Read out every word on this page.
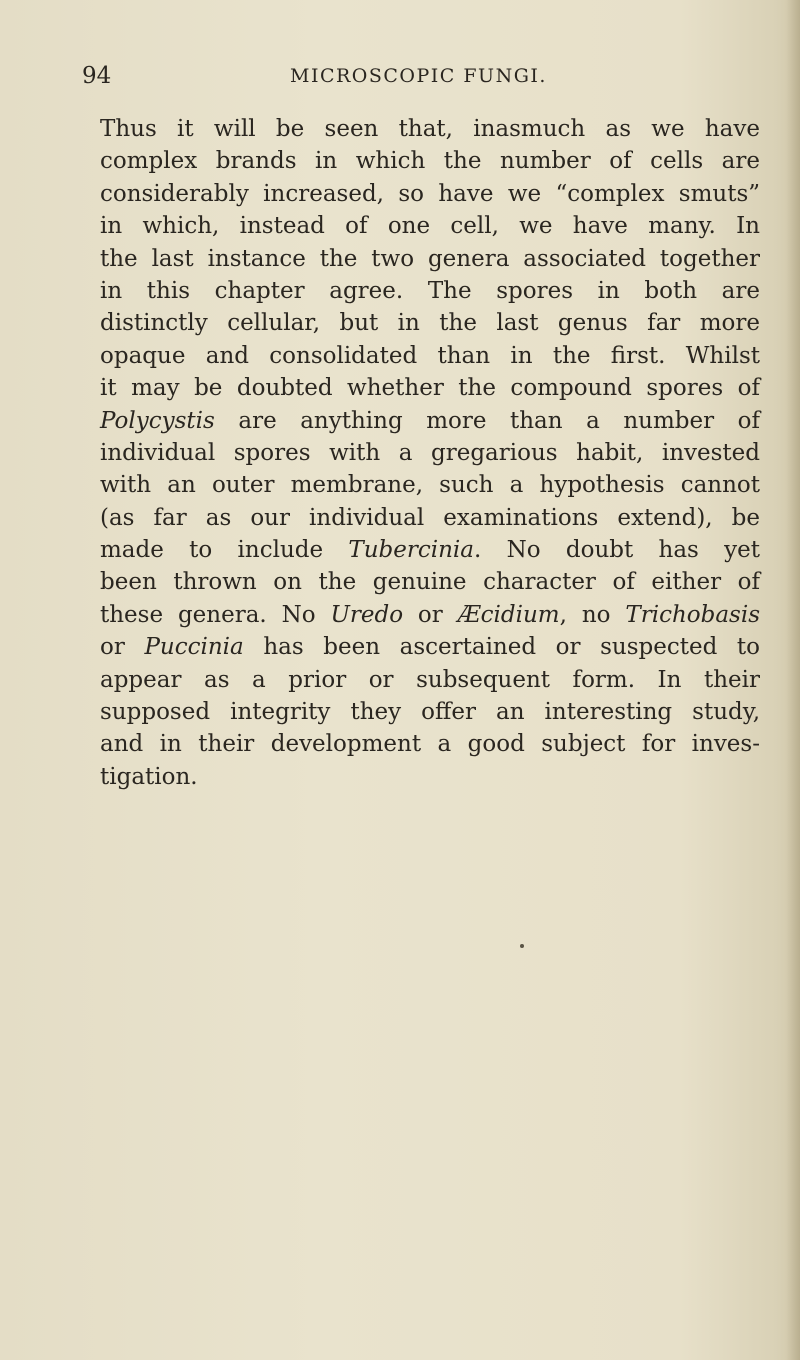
94	MICROSCOPIC FUNGI.
Thus it will be seen that, inasmuch as we have
complex brands in which the number of cells are
considerably increased, so have we “complex smuts”
in which, instead of one cell, we have many. In
the last instance the two genera associated together
in this chapter agree. The spores in both are
distinctly cellular, but in the last genus far more
opaque and consolidated than in the first. Whilst
it may be doubted whether the compound spores of
Polycystis are anything more than a number of
individual spores with a gregarious habit, invested
with an outer membrane, such a hypothesis cannot
(as far as our individual examinations extend), be
made to include Tubercinia. No doubt has yet
been thrown on the genuine character of either of
these genera. No Uredo or Æcidium, no Trichobasis
or Puccinia has been ascertained or suspected to
appear as a prior or subsequent form. In their
supposed integrity they offer an interesting study,
and in their development a good subject for inves-
tigation.
